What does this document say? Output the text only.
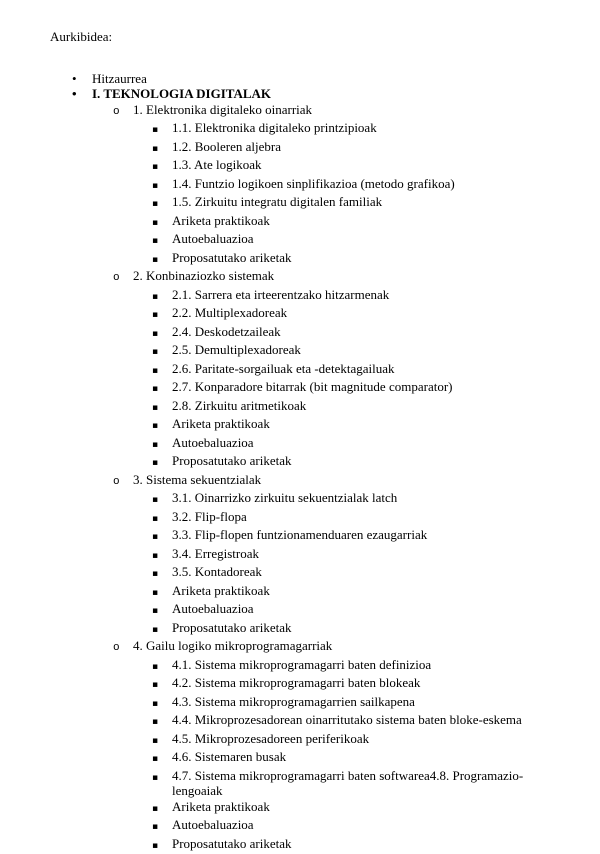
Aurkibidea:
•	Hitzaurrea
•	I. TEKNOLOGIA DIGITALAK
o	1. Elektronika digitaleko oinarriak
▪	1.1. Elektronika digitaleko printzipioak
▪	1.2. Booleren aljebra
▪	1.3. Ate logikoak
▪	1.4. Funtzio logikoen sinplifikazioa (metodo grafikoa)
▪	1.5. Zirkuitu integratu digitalen familiak
▪	Ariketa praktikoak
▪	Autoebaluazioa
▪	Proposatutako ariketak
o	2. Konbinaziozko sistemak
▪	2.1. Sarrera eta irteerentzako hitzarmenak
▪	2.2. Multiplexadoreak
▪	2.4. Deskodetzaileak
▪	2.5. Demultiplexadoreak
▪	2.6. Paritate-sorgailuak eta -detektagailuak
▪	2.7. Konparadore bitarrak (bit magnitude comparator)
▪	2.8. Zirkuitu aritmetikoak
▪	Ariketa praktikoak
▪	Autoebaluazioa
▪	Proposatutako ariketak
o	3. Sistema sekuentzialak
▪	3.1. Oinarrizko zirkuitu sekuentzialak latch
▪	3.2. Flip-flopa
▪	3.3. Flip-flopen funtzionamenduaren ezaugarriak
▪	3.4. Erregistroak
▪	3.5. Kontadoreak
▪	Ariketa praktikoak
▪	Autoebaluazioa
▪	Proposatutako ariketak
o	4. Gailu logiko mikroprogramagarriak
▪	4.1. Sistema mikroprogramagarri baten definizioa
▪	4.2. Sistema mikroprogramagarri baten blokeak
▪	4.3. Sistema mikroprogramagarrien sailkapena
▪	4.4. Mikroprozesadorean oinarritutako sistema baten bloke-eskema
▪	4.5. Mikroprozesadoreen periferikoak
▪	4.6. Sistemaren busak
▪	4.7. Sistema mikroprogramagarri baten softwarea4.8. Programazio-lengoaiak
▪	Ariketa praktikoak
▪	Autoebaluazioa
▪	Proposatutako ariketak
